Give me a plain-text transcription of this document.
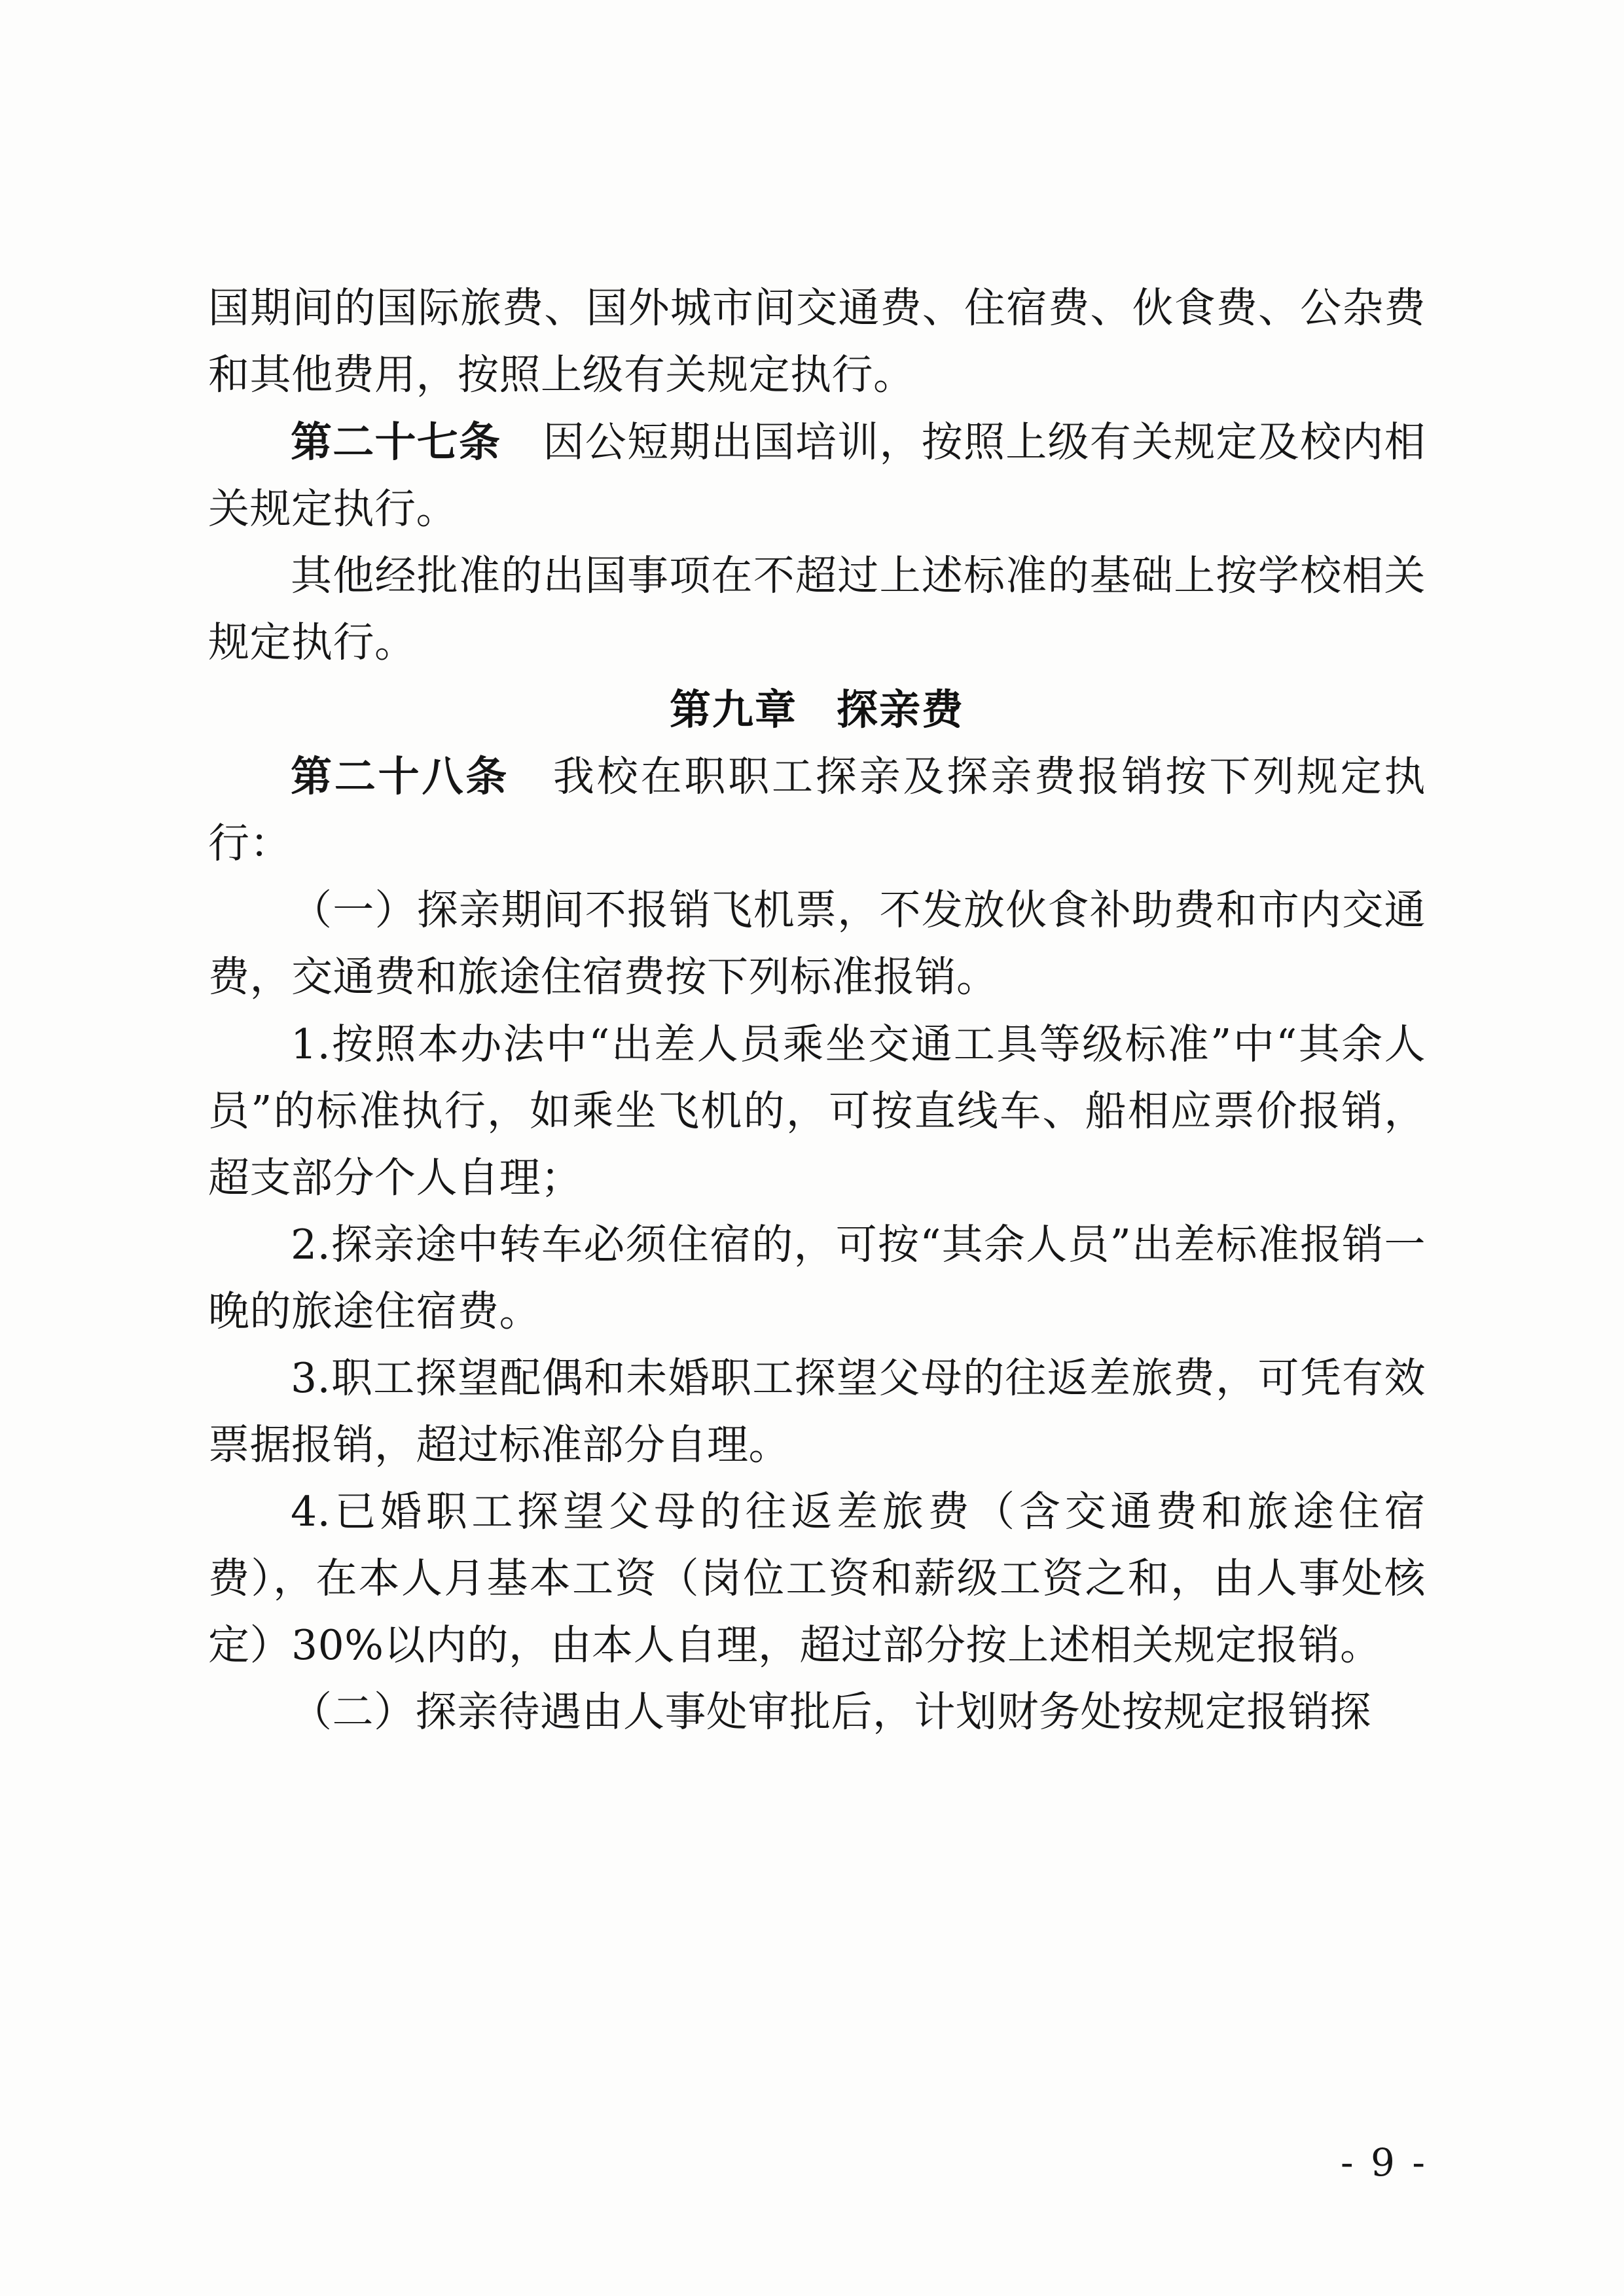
国期间的国际旅费、国外城市间交通费、住宿费、伙食费、公杂费和其他费用，按照上级有关规定执行。

第二十七条　因公短期出国培训，按照上级有关规定及校内相关规定执行。

其他经批准的出国事项在不超过上述标准的基础上按学校相关规定执行。

第九章 探亲费

第二十八条　我校在职职工探亲及探亲费报销按下列规定执行：

（一）探亲期间不报销飞机票，不发放伙食补助费和市内交通费，交通费和旅途住宿费按下列标准报销。

1.按照本办法中“出差人员乘坐交通工具等级标准”中“其余人员”的标准执行，如乘坐飞机的，可按直线车、船相应票价报销，超支部分个人自理；

2.探亲途中转车必须住宿的，可按“其余人员”出差标准报销一晚的旅途住宿费。

3.职工探望配偶和未婚职工探望父母的往返差旅费，可凭有效票据报销，超过标准部分自理。

4.已婚职工探望父母的往返差旅费（含交通费和旅途住宿费），在本人月基本工资（岗位工资和薪级工资之和，由人事处核定）30%以内的，由本人自理，超过部分按上述相关规定报销。

（二）探亲待遇由人事处审批后，计划财务处按规定报销探

- 9 -
